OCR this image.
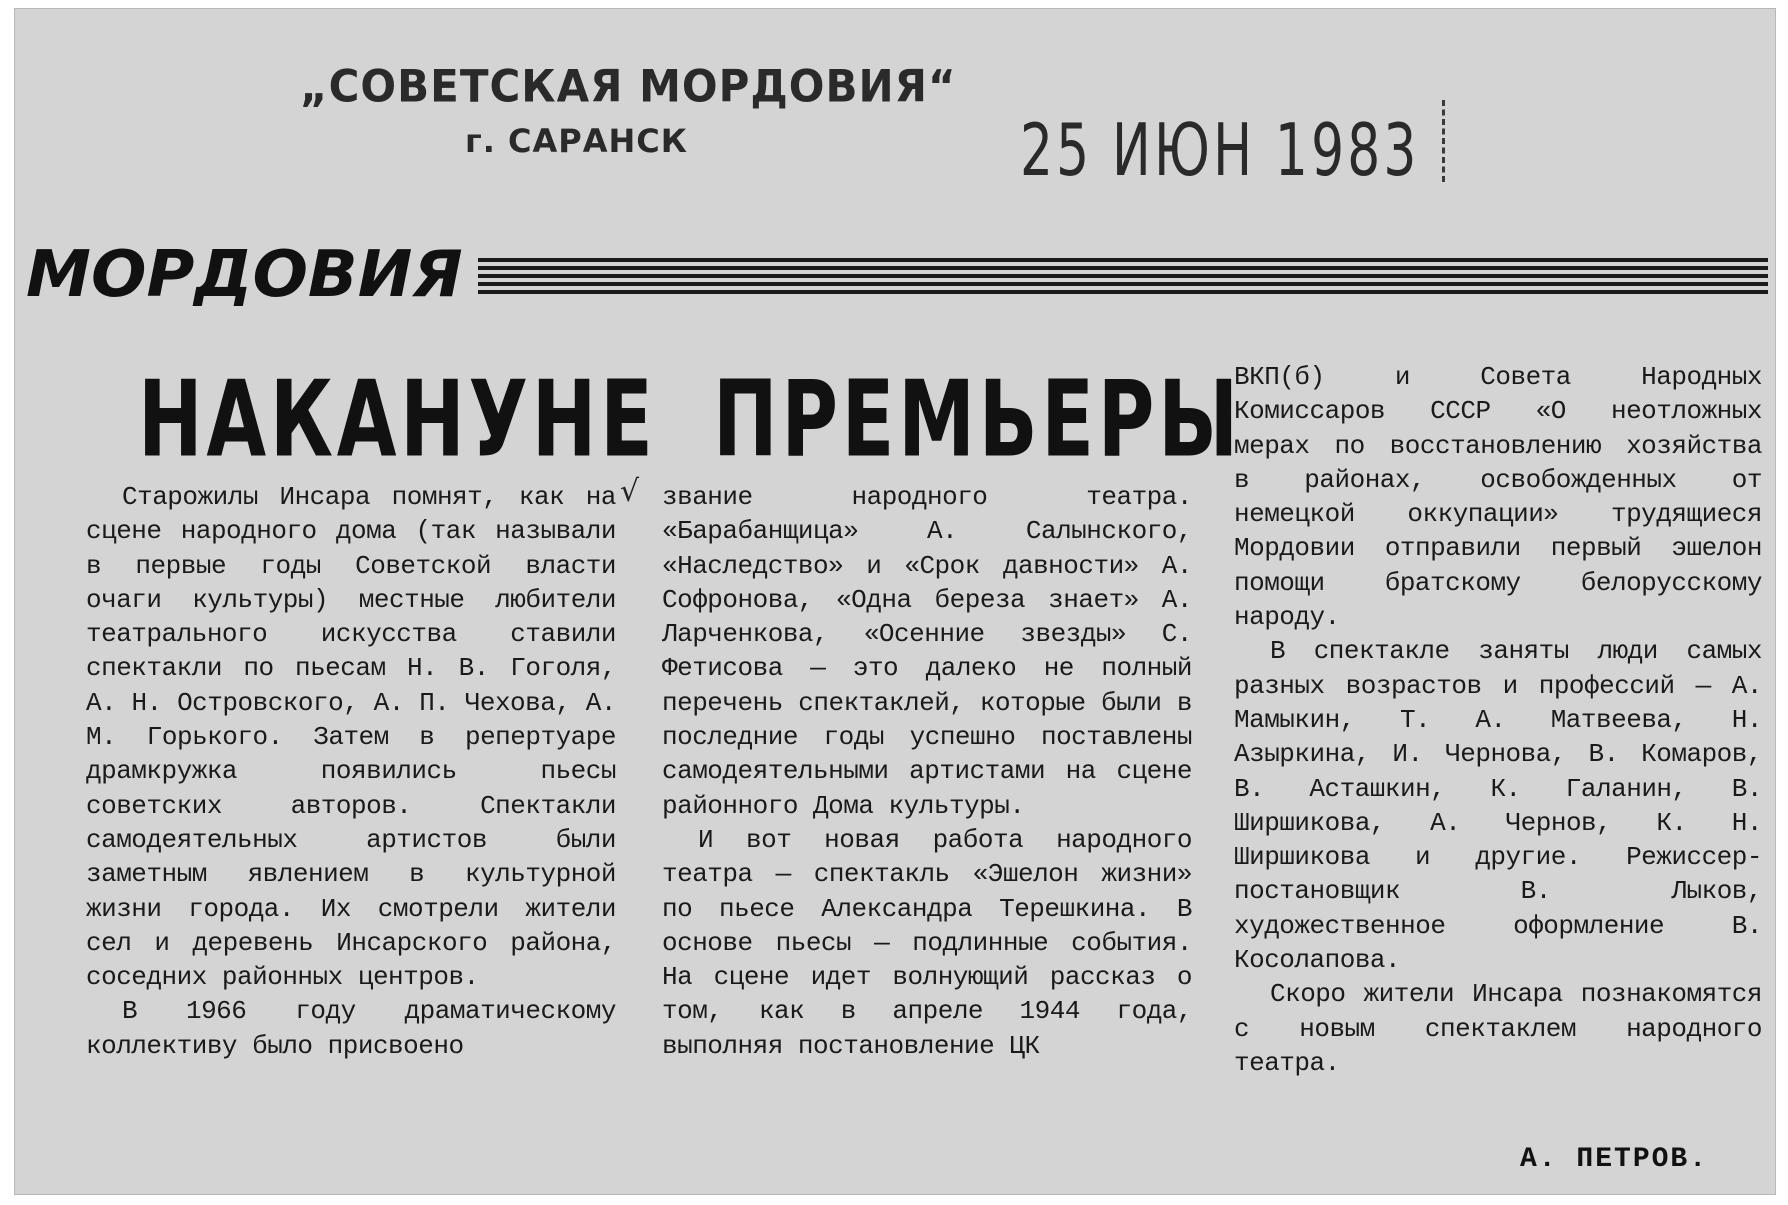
„СОВЕТСКАЯ МОРДОВИЯ“
г. САРАНСК	25 ИЮН 1983
МОРДОВИЯ
НАКАНУНЕ ПРЕМЬЕРЫ
√

Старожилы Инсара помнят, как на сцене народного дома (так называли в первые годы Советской власти очаги культуры) местные любители театрального искусства ставили спектакли по пьесам Н. В. Гоголя, А. Н. Островского, А. П. Чехова, А. М. Горького. Затем в репертуаре драмкружка появились пьесы советских авторов. Спектакли самодеятельных артистов были заметным явлением в культурной жизни города. Их смотрели жители сел и деревень Инсарского района, соседних районных центров.

В 1966 году драматическому коллективу было присвоено

звание народного театра. «Барабанщица» А. Салынского, «Наследство» и «Срок давности» А. Софронова, «Одна береза знает» А. Ларченкова, «Осенние звезды» С. Фетисова — это далеко не полный перечень спектаклей, которые были в последние годы успешно поставлены самодеятельными артистами на сцене районного Дома культуры.

И вот новая работа народного театра — спектакль «Эшелон жизни» по пьесе Александра Терешкина. В основе пьесы — подлинные события. На сцене идет волнующий рассказ о том, как в апреле 1944 года, выполняя постановление ЦК

ВКП(б) и Совета Народных Комиссаров СССР «О неотложных мерах по восстановлению хозяйства в районах, освобожденных от немецкой оккупации» трудящиеся Мордовии отправили первый эшелон помощи братскому белорусскому народу.

В спектакле заняты люди самых разных возрастов и профессий — А. Мамыкин, Т. А. Матвеева, Н. Азыркина, И. Чернова, В. Комаров, В. Асташкин, К. Галанин, В. Ширшикова, А. Чернов, К. Н. Ширшикова и другие. Режиссер-постановщик В. Лыков, художественное оформление В. Косолапова.

Скоро жители Инсара познакомятся с новым спектаклем народного театра.

А. ПЕТРОВ.
